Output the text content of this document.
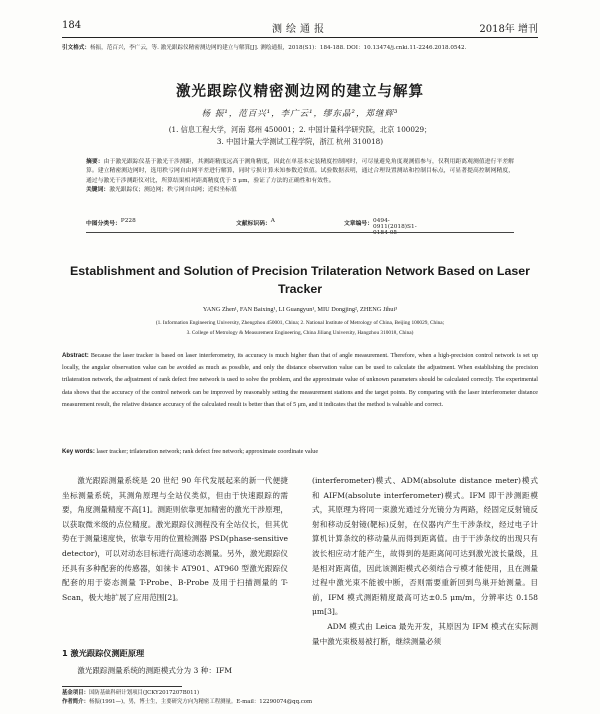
184	测绘通报	2018年 增刊
引文格式：杨振，范百兴，李广云，等. 激光跟踪仪精密测边网的建立与解算[J]. 测绘通报，2018(S1)：184-188. DOI：10.13474/j.cnki.11-2246.2018.0542.
激光跟踪仪精密测边网的建立与解算
杨 振¹，范百兴¹，李广云¹，缪东晶²，郑继辉³
(1. 信息工程大学，河南 郑州 450001；2. 中国计量科学研究院，北京 100029；
3. 中国计量大学测试工程学院，浙江 杭州 310018)
摘要：由于激光跟踪仪基于激光干涉测距，其测距精度远高于测角精度，因此在单基本定装精度控制网时，可尽量避免角度观测值参与，仅利用距离观测值进行平差解算。建立精密测边网时，选用秩亏网自由网平差进行解算，同时亏损计算未知参数近似值。试验数据表明，通过合理设置测站和控制目标点，可显著提高控制网精度，通过与激光干涉测距仪对比，所算结果相对距离精度优于 5 μm，验证了方法的正确性和有效性。
关键词：激光跟踪仪；测边网；秩亏网自由网；近似坐标值
中图分类号： P228	文献标识码： A	文章编号： 0494-0911(2018)S1-0184-05
Establishment and Solution of Precision Trilateration Network Based on Laser Tracker
YANG Zhen¹, FAN Baixing¹, LI Guangyun¹, MIU Dongjing², ZHENG Jihui³
(1. Information Engineering University, Zhengzhou 450001, China; 2. National Institute of Metrology of China, Beijing 100029, China;
3. College of Metrology & Measurement Engineering, China Jiliang University, Hangzhou 310018, China)
Abstract: Because the laser tracker is based on laser interferometry, its accuracy is much higher than that of angle measurement. Therefore, when a high-precision control network is set up locally, the angular observation value can be avoided as much as possible, and only the distance observation value can be used to calculate the adjustment. When establishing the precision trilateration network, the adjustment of rank defect free network is used to solve the problem, and the approximate value of unknown parameters should be calculated correctly. The experimental data shows that the accuracy of the control network can be improved by reasonably setting the measurement stations and the target points. By comparing with the laser interferometer distance measurement result, the relative distance accuracy of the calculated result is better than that of 5 μm, and it indicates that the method is valuable and correct.
Key words: laser tracker; trilateration network; rank defect free network; approximate coordinate value

激光跟踪测量系统是 20 世纪 90 年代发展起来的新一代便捷坐标测量系统，其测角原理与全站仪类似，但由于快速跟踪的需要，角度测量精度不高[1]。测距则依靠更加精密的激光干涉原理，以获取微米级的点位精度。激光跟踪仪测程没有全站仪长，但其优势在于测量速度快，依靠专用的位置检测器 PSD(phase-sensitive detector)，可以对动态目标进行高速动态测量。另外，激光跟踪仪还具有多种配套的传感器，如徕卡 AT901、AT960 型激光跟踪仪配套的用于姿态测量 T-Probe、B-Probe 及用于扫描测量的 T-Scan，极大地扩展了应用范围[2]。

1 激光跟踪仪测距原理
激光跟踪测量系统的测距模式分为 3 种：IFM

(interferometer)模式、ADM(absolute distance meter)模式和 AIFM(absolute interferometer)模式。IFM 即干涉测距模式，其原理为将同一束激光通过分光镜分为两路，经固定反射镜反射和移动反射镜(靶标)反射，在仪器内产生干涉条纹，经过电子计算机计算条纹的移动量从而得到距离值。由于干涉条纹的出现只有波长相应动才能产生，故得到的是距离间可达到激光波长量级，且是相对距离值，因此该测距模式必须结合亏模才能使用，且在测量过程中激光束不能被中断，否则需要重新回到鸟巢开始测量。目前，IFM 模式测距精度最高可达±0.5 μm/m，分辨率达 0.158 μm[3]。

ADM 模式由 Leica 最先开发，其原因为 IFM 模式在实际测量中激光束极易被打断，继续测量必须

基金项目：国防基础科研计划项目(JCKY2017207B011)
作者简介：杨振(1991—)，男，博士生，主要研究方向为精密工程测量。E-mail：12290074@qq.com
